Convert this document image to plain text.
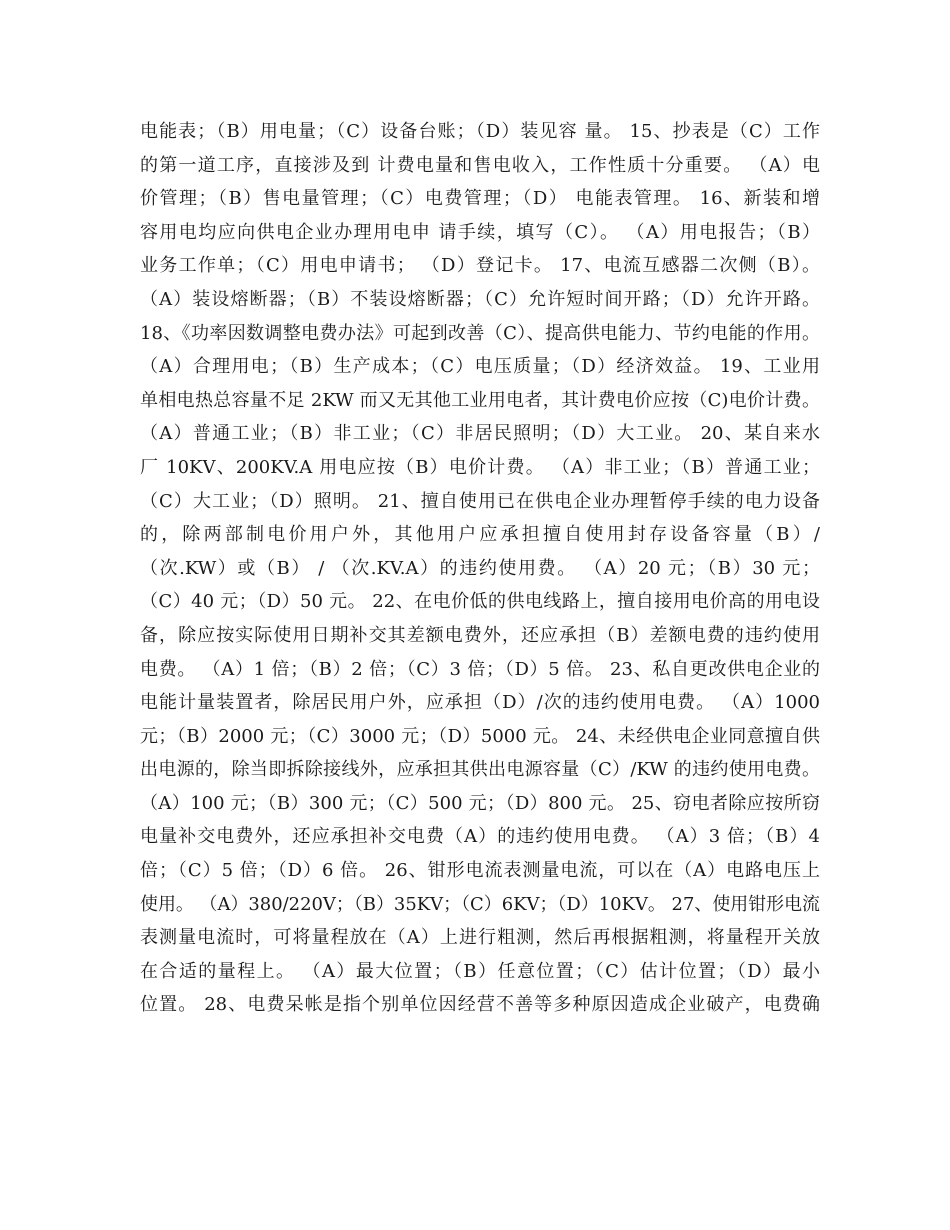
电能表；（B）用电量；（C）设备台账；（D）装见容 量。 15、抄表是（C）工作
的第一道工序，直接涉及到 计费电量和售电收入，工作性质十分重要。 （A）电
价管理；（B）售电量管理；（C）电费管理；（D） 电能表管理。 16、新装和增
容用电均应向供电企业办理用电申 请手续，填写（C）。 （A）用电报告；（B）
业务工作单；（C）用电申请书； （D）登记卡。 17、电流互感器二次侧（B）。
（A）装设熔断器；（B）不装设熔断器；（C）允许短时间开路；（D）允许开路。
18、《功率因数调整电费办法》可起到改善（C）、提高供电能力、节约电能的作用。
（A）合理用电；（B）生产成本；（C）电压质量；（D）经济效益。 19、工业用
单相电热总容量不足 2KW 而又无其他工业用电者，其计费电价应按（C)电价计费。
（A）普通工业；（B）非工业；（C）非居民照明；（D）大工业。 20、某自来水
厂 10KV、200KV.A 用电应按（B）电价计费。 （A）非工业；（B）普通工业；
（C）大工业；（D）照明。 21、擅自使用已在供电企业办理暂停手续的电力设备
的，除两部制电价用户外，其他用户应承担擅自使用封存设备容量（B）/
（次.KW）或（B） / （次.KV.A）的违约使用费。 （A）20 元；（B）30 元；
（C）40 元；（D）50 元。 22、在电价低的供电线路上，擅自接用电价高的用电设
备，除应按实际使用日期补交其差额电费外，还应承担（B）差额电费的违约使用
电费。 （A）1 倍；（B）2 倍；（C）3 倍；（D）5 倍。 23、私自更改供电企业的
电能计量装置者，除居民用户外，应承担（D）/次的违约使用电费。 （A）1000
元；（B）2000 元；（C）3000 元；（D）5000 元。 24、未经供电企业同意擅自供
出电源的，除当即拆除接线外，应承担其供出电源容量（C）/KW 的违约使用电费。
（A）100 元；（B）300 元；（C）500 元；（D）800 元。 25、窃电者除应按所窃
电量补交电费外，还应承担补交电费（A）的违约使用电费。 （A）3 倍；（B）4
倍；（C）5 倍；（D）6 倍。 26、钳形电流表测量电流，可以在（A）电路电压上
使用。 （A）380/220V；（B）35KV；（C）6KV；（D）10KV。 27、使用钳形电流
表测量电流时，可将量程放在（A）上进行粗测，然后再根据粗测，将量程开关放
在合适的量程上。 （A）最大位置；（B）任意位置；（C）估计位置；（D）最小
位置。 28、电费呆帐是指个别单位因经营不善等多种原因造成企业破产，电费确
